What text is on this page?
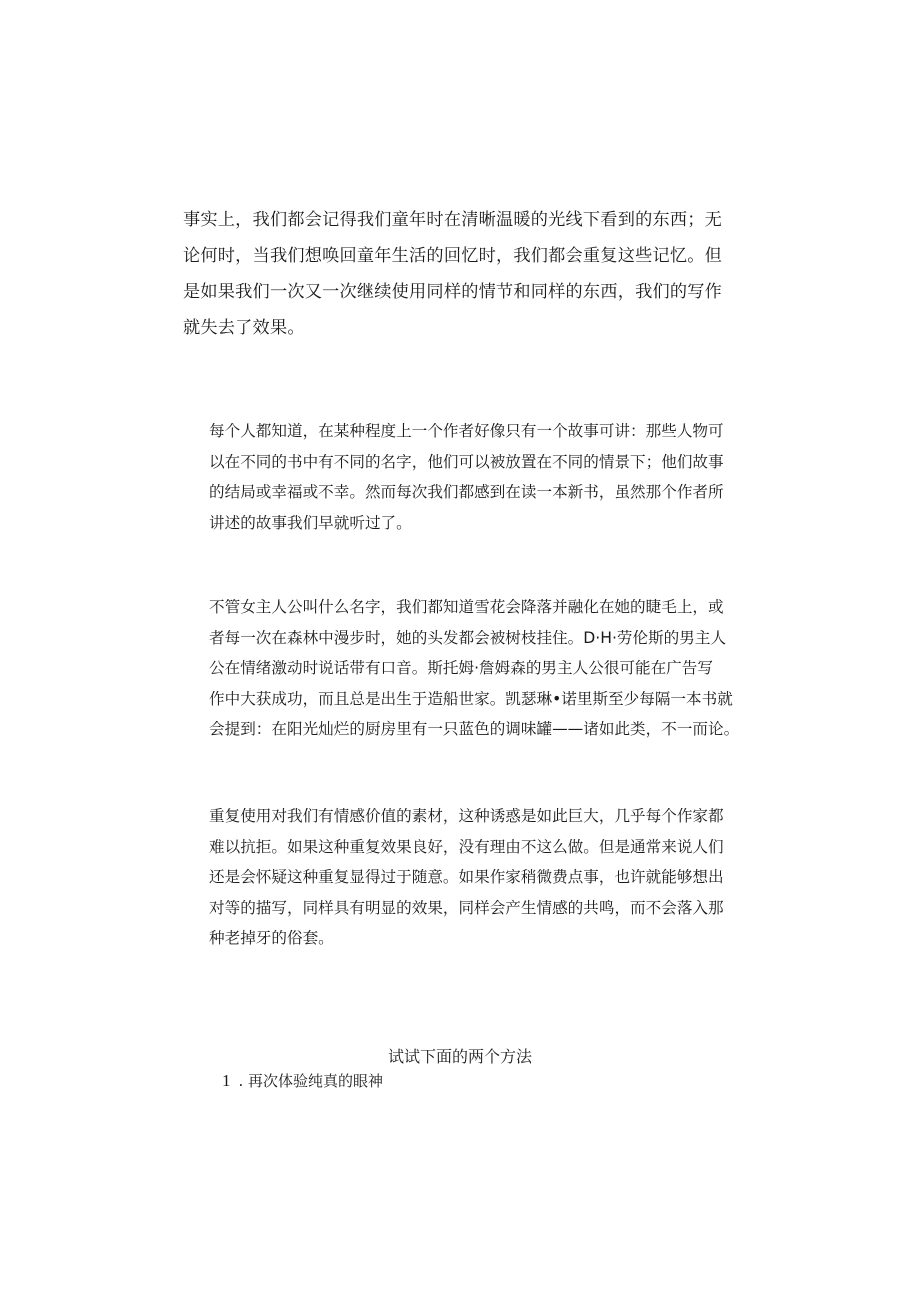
事实上，我们都会记得我们童年时在清晰温暖的光线下看到的东西；无
论何时，当我们想唤回童年生活的回忆时，我们都会重复这些记忆。但
是如果我们一次又一次继续使用同样的情节和同样的东西，我们的写作
就失去了效果。
每个人都知道，在某种程度上一个作者好像只有一个故事可讲：那些人物可
以在不同的书中有不同的名字，他们可以被放置在不同的情景下；他们故事
的结局或幸福或不幸。然而每次我们都感到在读一本新书，虽然那个作者所
讲述的故事我们早就听过了。
不管女主人公叫什么名字，我们都知道雪花会降落并融化在她的睫毛上，或
者每一次在森林中漫步时，她的头发都会被树枝挂住。D·H·劳伦斯的男主人
公在情绪激动时说话带有口音。斯托姆·詹姆森的男主人公很可能在广告写
作中大获成功，而且总是出生于造船世家。凯瑟琳•诺里斯至少每隔一本书就
会提到：在阳光灿烂的厨房里有一只蓝色的调味罐——诸如此类，不一而论。
重复使用对我们有情感价值的素材，这种诱惑是如此巨大，几乎每个作家都
难以抗拒。如果这种重复效果良好，没有理由不这么做。但是通常来说人们
还是会怀疑这种重复显得过于随意。如果作家稍微费点事，也许就能够想出
对等的描写，同样具有明显的效果，同样会产生情感的共鸣，而不会落入那
种老掉牙的俗套。
试试下面的两个方法
1 . 再次体验纯真的眼神
